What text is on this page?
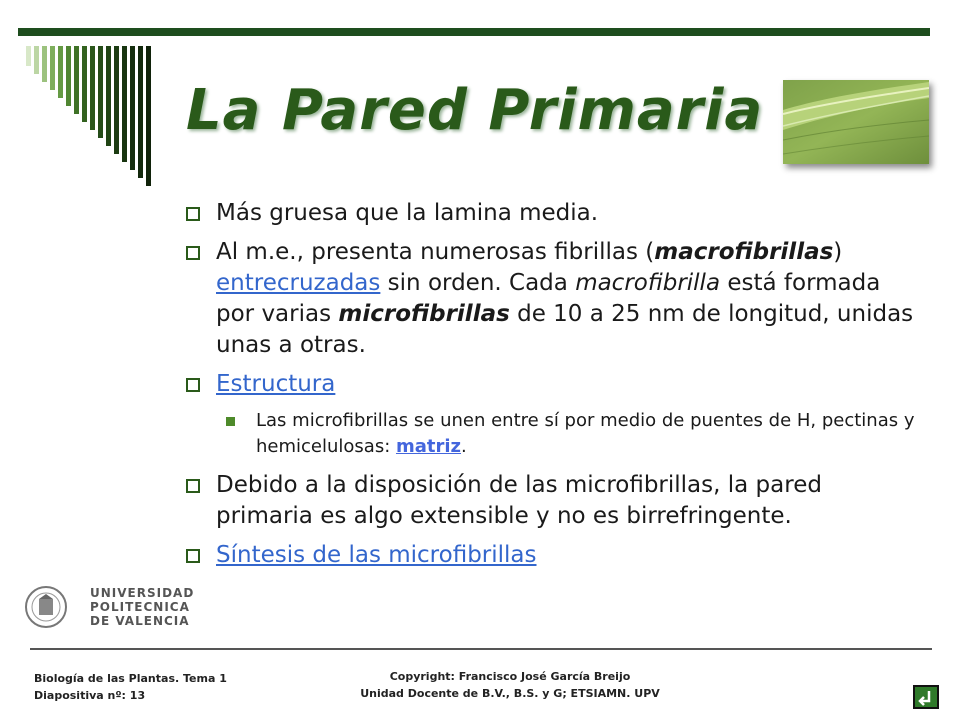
La Pared Primaria
Más gruesa que la lamina media.
Al m.e., presenta numerosas fibrillas (macrofibrillas) entrecruzadas sin orden. Cada macrofibrilla está formada por varias microfibrillas de 10 a 25 nm de longitud, unidas unas a otras.
Estructura
Las microfibrillas se unen entre sí por medio de puentes de H, pectinas y hemicelulosas: matriz.
Debido a la disposición de las microfibrillas, la pared primaria es algo extensible y no es birrefringente.
Síntesis de las microfibrillas
UNIVERSIDAD
POLITECNICA
DE VALENCIA
Biología de las Plantas. Tema 1
Diapositiva nº: 13
Copyright: Francisco José García Breijo
Unidad Docente de B.V., B.S. y G; ETSIAMN. UPV
